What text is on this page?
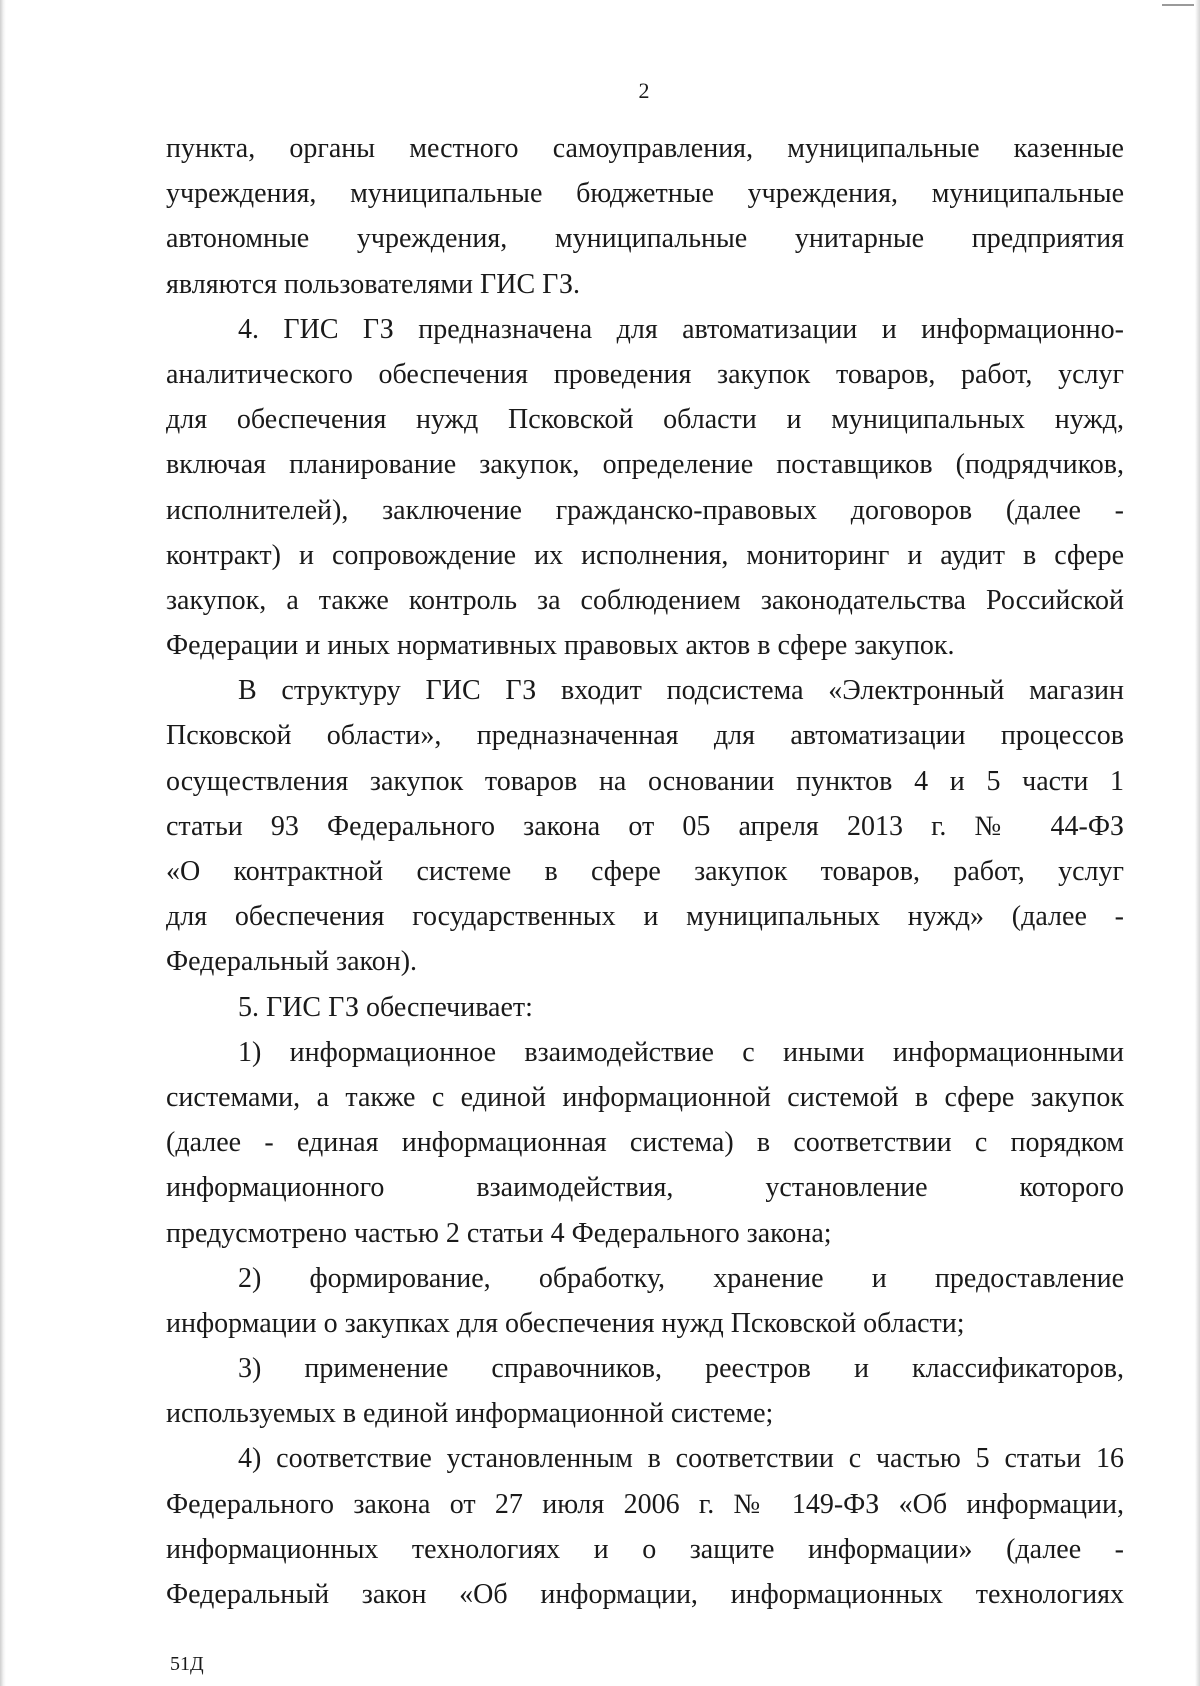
2
пункта, органы местного самоуправления, муниципальные казенные
учреждения, муниципальные бюджетные учреждения, муниципальные
автономные учреждения, муниципальные унитарные предприятия
являются пользователями ГИС ГЗ.
4. ГИС ГЗ предназначена для автоматизации и информационно-
аналитического обеспечения проведения закупок товаров, работ, услуг
для обеспечения нужд Псковской области и муниципальных нужд,
включая планирование закупок, определение поставщиков (подрядчиков,
исполнителей), заключение гражданско-правовых договоров (далее -
контракт) и сопровождение их исполнения, мониторинг и аудит в сфере
закупок, а также контроль за соблюдением законодательства Российской
Федерации и иных нормативных правовых актов в сфере закупок.
В структуру ГИС ГЗ входит подсистема «Электронный магазин
Псковской области», предназначенная для автоматизации процессов
осуществления закупок товаров на основании пунктов 4 и 5 части 1
статьи 93 Федерального закона от 05 апреля 2013 г. № 44-ФЗ
«О контрактной системе в сфере закупок товаров, работ, услуг
для обеспечения государственных и муниципальных нужд» (далее -
Федеральный закон).
5. ГИС ГЗ обеспечивает:
1) информационное взаимодействие с иными информационными
системами, а также с единой информационной системой в сфере закупок
(далее - единая информационная система) в соответствии с порядком
информационного взаимодействия, установление которого
предусмотрено частью 2 статьи 4 Федерального закона;
2) формирование, обработку, хранение и предоставление
информации о закупках для обеспечения нужд Псковской области;
3) применение справочников, реестров и классификаторов,
используемых в единой информационной системе;
4) соответствие установленным в соответствии с частью 5 статьи 16
Федерального закона от 27 июля 2006 г. № 149-ФЗ «Об информации,
информационных технологиях и о защите информации» (далее -
Федеральный закон «Об информации, информационных технологиях
51Д
